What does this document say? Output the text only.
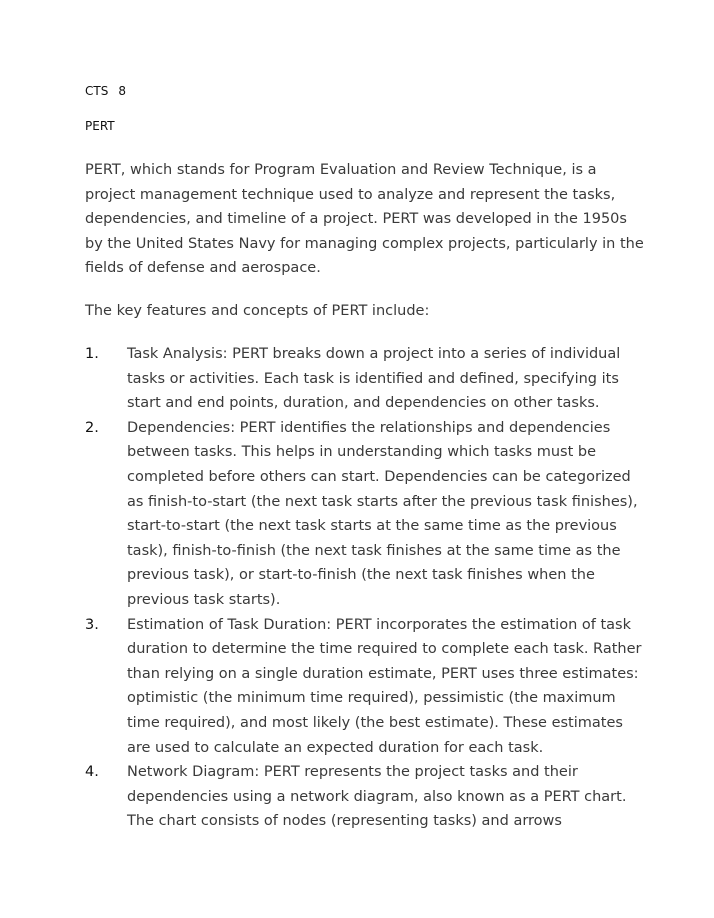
CTS 8

PERT

PERT, which stands for Program Evaluation and Review Technique, is a project management technique used to analyze and represent the tasks, dependencies, and timeline of a project. PERT was developed in the 1950s by the United States Navy for managing complex projects, particularly in the fields of defense and aerospace.

The key features and concepts of PERT include:

1. Task Analysis: PERT breaks down a project into a series of individual tasks or activities. Each task is identified and defined, specifying its start and end points, duration, and dependencies on other tasks.
2. Dependencies: PERT identifies the relationships and dependencies between tasks. This helps in understanding which tasks must be completed before others can start. Dependencies can be categorized as finish-to-start (the next task starts after the previous task finishes), start-to-start (the next task starts at the same time as the previous task), finish-to-finish (the next task finishes at the same time as the previous task), or start-to-finish (the next task finishes when the previous task starts).
3. Estimation of Task Duration: PERT incorporates the estimation of task duration to determine the time required to complete each task. Rather than relying on a single duration estimate, PERT uses three estimates: optimistic (the minimum time required), pessimistic (the maximum time required), and most likely (the best estimate). These estimates are used to calculate an expected duration for each task.
4. Network Diagram: PERT represents the project tasks and their dependencies using a network diagram, also known as a PERT chart. The chart consists of nodes (representing tasks) and arrows
